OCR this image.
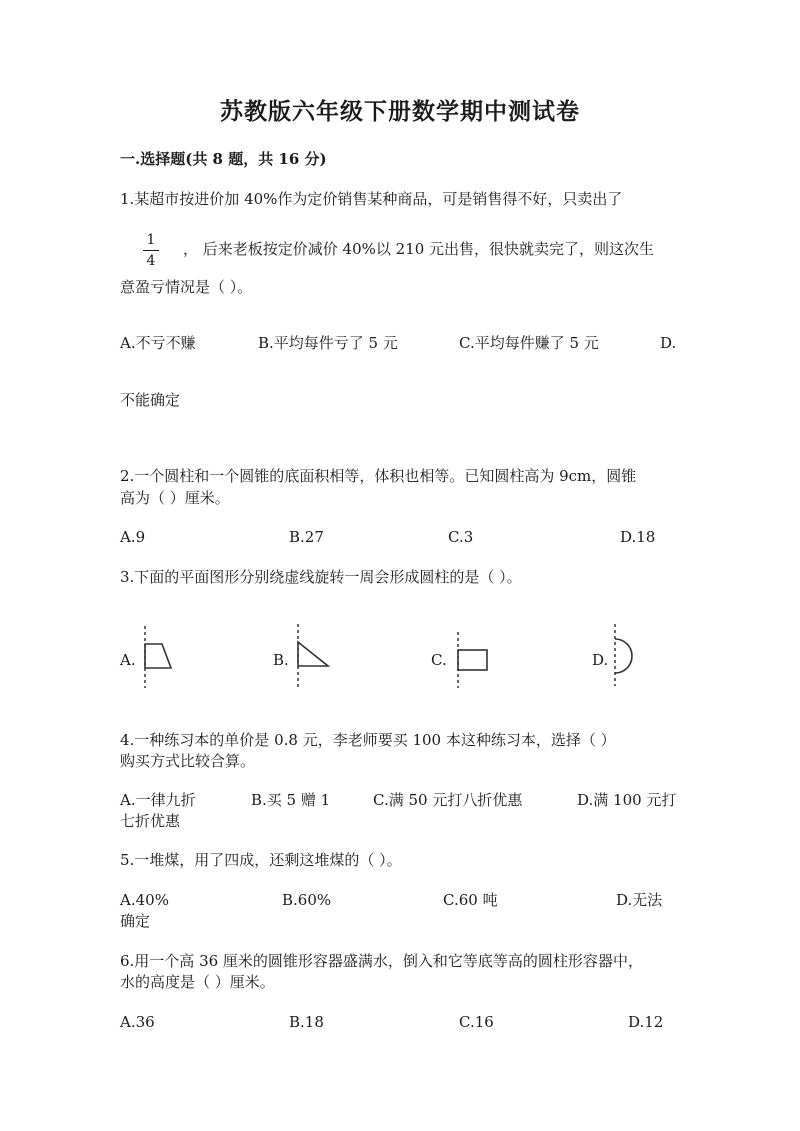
苏教版六年级下册数学期中测试卷
一.选择题(共 8 题，共 16 分)
1.某超市按进价加 40%作为定价销售某种商品，可是销售得不好，只卖出了
1
4
， 后来老板按定价减价 40%以 210 元出售，很快就卖完了，则这次生
意盈亏情况是（ ）。
A.不亏不赚	B.平均每件亏了 5 元	C.平均每件赚了 5 元	D.
不能确定
2.一个圆柱和一个圆锥的底面积相等，体积也相等。已知圆柱高为 9cm，圆锥
高为（ ）厘米。
A.9	B.27	C.3	D.18
3.下面的平面图形分别绕虚线旋转一周会形成圆柱的是（ ）。
A.	B.	C.	D.
4.一种练习本的单价是 0.8 元，李老师要买 100 本这种练习本，选择（ ）
购买方式比较合算。
A.一律九折	B.买 5 赠 1	C.满 50 元打八折优惠	D.满 100 元打
七折优惠
5.一堆煤，用了四成，还剩这堆煤的（ ）。
A.40%	B.60%	C.60 吨	D.无法
确定
6.用一个高 36 厘米的圆锥形容器盛满水，倒入和它等底等高的圆柱形容器中，
水的高度是（ ）厘米。
A.36	B.18	C.16	D.12
